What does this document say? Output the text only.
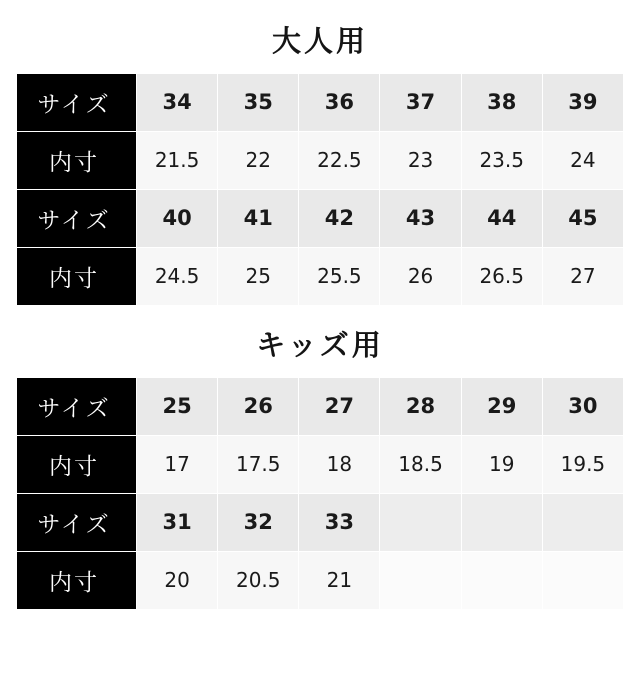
大人用
サイズ	34	35	36	37	38	39
内寸	21.5	22	22.5	23	23.5	24
サイズ	40	41	42	43	44	45
内寸	24.5	25	25.5	26	26.5	27
キッズ用
サイズ	25	26	27	28	29	30
内寸	17	17.5	18	18.5	19	19.5
サイズ	31	32	33			
内寸	20	20.5	21			
